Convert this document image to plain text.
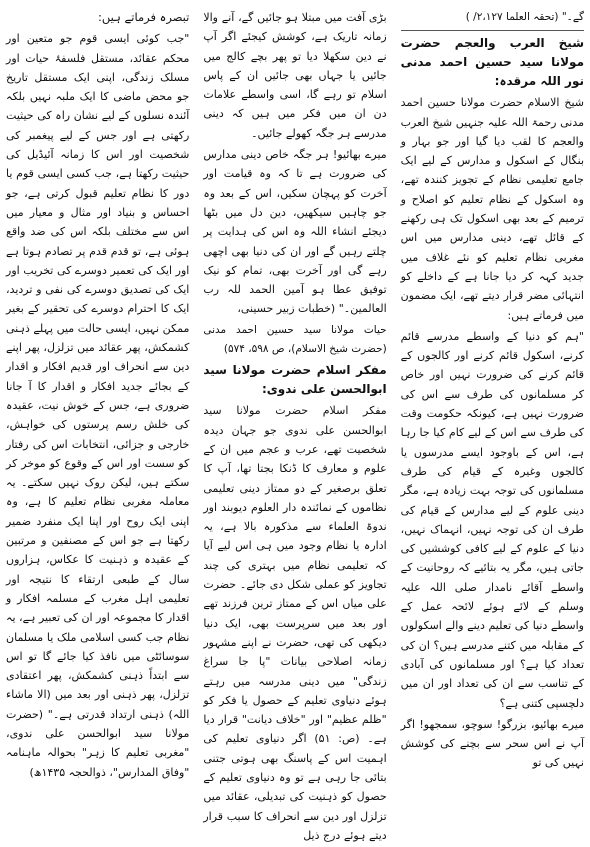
گے۔" (تحقہ العلما ۲،۱۲۷/ )

شیخ العرب والعجم حضرت مولانا سید حسین احمد مدنی نور اللہ مرقدہ:

شیخ الاسلام حضرت مولانا حسین احمد مدنی رحمۃ اللہ علیہ جنہیں شیخ العرب والعجم کا لقب دیا گیا اور جو بہار و بنگال کے اسکول و مدارس کے لیے ایک جامع تعلیمی نظام کے تجویز کنندہ تھے، وہ اسکول کے نظام تعلیم کو اصلاح و ترمیم کے بعد بھی اسکول تک ہی رکھنے کے قائل تھے، دینی مدارس میں اس مغربی نظام تعلیم کو نئے غلاف میں جدید کہہ کر دیا جانا ہے کے داخلے کو انتہائی مضر قرار دیتے تھے، ایک مضمون میں فرماتے ہیں:

"ہم کو دنیا کے واسطے مدرسے قائم کرنے، اسکول قائم کرنے اور کالجوں کے قائم کرنے کی ضرورت نہیں اور خاص کر مسلمانوں کی طرف سے اس کی ضرورت نہیں ہے، کیونکہ حکومت وقت کی طرف سے اس کے لیے کام کیا جا رہا ہے، اس کے باوجود ایسے مدرسوں یا کالجوں وغیرہ کے قیام کی طرف مسلمانوں کی توجہ بہت زیادہ ہے، مگر دینی علوم کے لیے مدارس کے قیام کی طرف ان کی توجہ نہیں، انہماک نہیں، دنیا کے علوم کے لیے کافی کوششیں کی جاتی ہیں، مگر یہ بتائیے کہ روحانیت کے واسطے آقائے نامدار صلی اللہ علیہ وسلم کے لائے ہوئے لائحہ عمل کے واسطے دنیا کی تعلیم دینے والے اسکولوں کے مقابلہ میں کتنے مدرسے ہیں؟ ان کی تعداد کیا ہے؟ اور مسلمانوں کی آبادی کے تناسب سے ان کی تعداد اور ان میں دلچسپی کتنی ہے؟

میرے بھائیو، بزرگو! سوچو، سمجھو! اگر آپ نے اس سحر سے بچنے کی کوشش نہیں کی تو

بڑی آفت میں مبتلا ہو جائیں گے، آنے والا زمانہ تاریک ہے، کوشش کیجئے اگر آپ نے دین سکھلا دیا تو پھر بچے کالج میں جائیں یا جہاں بھی جائیں ان کے پاس اسلام تو رہے گا، اسی واسطے علامات دن ان میں فکر میں ہیں کہ دینی مدرسے ہر جگہ کھولے جائیں۔

میرے بھائیو! ہر جگہ خاص دینی مدارس کی ضرورت ہے تا کہ وہ قیامت اور آخرت کو پہچان سکیں، اس کے بعد وہ جو چاہیں سیکھیں، دین دل میں بٹھا دیجئے انشاء اللہ وہ اس کی ہدایت پر چلتے رہیں گے اور ان کی دنیا بھی اچھی رہے گی اور آخرت بھی، تمام کو نیک توفیق عطا ہو آمین الحمد للہ رب العالمین۔" (خطبات زبیر حسینی،

حیات مولانا سید حسین احمد مدنی (حضرت شیخ الاسلام)، ص ۵۹۸، ۵۷۴)

مفکر اسلام حضرت مولانا سید ابوالحسن علی ندوی:

مفکر اسلام حضرت مولانا سید ابوالحسن علی ندوی جو جہان دیدہ شخصیت تھے، عرب و عجم میں ان کے علوم و معارف کا ڈنکا بجتا تھا، آپ کا تعلق برصغیر کے دو ممتاز دینی تعلیمی نظاموں کے نمائندہ دار العلوم دیوبند اور ندوۃ العلماء سے مذکورہ بالا ہے، یہ ادارہ یا نظام وجود میں ہی اس لیے آیا کہ تعلیمی نظام میں بہتری کی چند تجاویز کو عملی شکل دی جائے۔ حضرت علی میاں اس کے ممتاز ترین فرزند تھے اور بعد میں سرپرست بھی، ایک دنیا دیکھی کی تھی، حضرت نے اپنے مشہور زمانہ اصلاحی بیانات "پا جا سراغ زندگی" میں دینی مدرسہ میں رہتے ہوئے دنیاوی تعلیم کے حصول یا فکر کو "ظلم عظیم" اور "خلاف دیانت" قرار دیا ہے۔ (ص: ۵۱) اگر دنیاوی تعلیم کی اہمیت اس کے پاسنگ بھی ہوتی جتنی بتائی جا رہی ہے تو وہ دنیاوی تعلیم کے حصول کو ذہنیت کی تبدیلی، عقائد میں تزلزل اور دین سے انحراف کا سبب قرار دیتے ہوئے درج ذیل

تبصرہ فرماتے ہیں:

"جب کوئی ایسی قوم جو متعین اور محکم عقائد، مستقل فلسفۂ حیات اور مسلک زندگی، اپنی ایک مستقل تاریخ جو محض ماضی کا ایک ملبہ نہیں بلکہ آئندہ نسلوں کے لیے نشان راہ کی حیثیت رکھتی ہے اور جس کے لیے پیغمبر کی شخصیت اور اس کا زمانہ آئیڈیل کی حیثیت رکھتا ہے، جب کسی ایسی قوم یا دور کا نظام تعلیم قبول کرتی ہے، جو احساس و بنیاد اور مثال و معیار میں اس سے مختلف بلکہ اس کی ضد واقع ہوئی ہے، تو قدم قدم پر تصادم ہوتا ہے اور ایک کی تعمیر دوسرے کی تخریب اور ایک کی تصدیق دوسرے کی نفی و تردید، ایک کا احترام دوسرے کی تحقیر کے بغیر ممکن نہیں، ایسی حالت میں پہلے ذہنی کشمکش، پھر عقائد میں تزلزل، پھر اپنے دین سے انحراف اور قدیم افکار و اقدار کے بجائے جدید افکار و اقدار کا آ جانا ضروری ہے، جس کے خوش نیت، عقیدہ کی خلش رسم پرستوں کی خواہش، خارجی و جزائی، انتخابات اس کی رفتار کو سست اور اس کے وقوع کو موخر کر سکتے ہیں، لیکن روک نہیں سکتے۔ یہ معاملہ مغربی نظام تعلیم کا ہے، وہ اپنی ایک روح اور اپنا ایک منفرد ضمیر رکھتا ہے جو اس کے مصنفین و مرتبین کے عقیدہ و ذہنیت کا عکاس، ہزاروں سال کے طبعی ارتقاء کا نتیجہ اور تعلیمی اہل مغرب کے مسلمہ افکار و اقدار کا مجموعہ اور ان کی تعبیر ہے، یہ نظام جب کسی اسلامی ملک یا مسلمان سوسائٹی میں نافذ کیا جائے گا تو اس سے ابتداً ذہنی کشمکش، پھر اعتقادی تزلزل، پھر ذہنی اور بعد میں (الا ماشاء اللہ) ذہنی ارتداد قدرتی ہے۔" (حضرت مولانا سید ابوالحسن علی ندوی، "مغربی تعلیم کا زہر" بحوالہ ماہنامہ "وفاق المدارس"، ذوالحجہ ۱۴۳۵ھ)
